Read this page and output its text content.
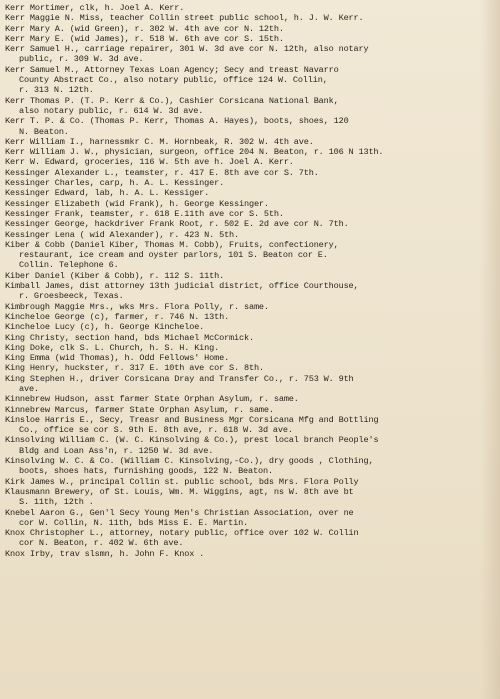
Kerr Mortimer, clk, h. Joel A. Kerr.
Kerr Maggie N. Miss, teacher Collin street public school, h. J. W. Kerr.
Kerr Mary A. (wid Green), r. 302 W. 4th ave cor N. 12th.
Kerr Mary E. (wid James), r. 518 W. 6th ave cor S. 15th.
Kerr Samuel H., carriage repairer, 301 W. 3d ave cor N. 12th, also notary
public, r. 309 W. 3d ave.
Kerr Samuel M., Attorney Texas Loan Agency; Secy and treast Navarro
County Abstract Co., also notary public, office 124 W. Collin,
r. 313 N. 12th.
Kerr Thomas P. (T. P. Kerr & Co.), Cashier Corsicana National Bank,
also notary public, r. 614 W. 3d ave.
Kerr T. P. & Co. (Thomas P. Kerr, Thomas A. Hayes), boots, shoes, 120
N. Beaton.
Kerr William I., harnessmkr C. M. Hornbeak, R. 302 W. 4th ave.
Kerr William J. W., physician, surgeon, office 204 N. Beaton, r. 106 N 13th.
Kerr W. Edward, groceries, 116 W. 5th ave h. Joel A. Kerr.
Kessinger Alexander L., teamster, r. 417 E. 8th ave cor S. 7th.
Kessinger Charles, carp, h. A. L. Kessinger.
Kessinger Edward, lab, h. A. L. Kessiger.
Kessinger Elizabeth (wid Frank), h. George Kessinger.
Kessinger Frank, teamster, r. 618 E.11th ave cor S. 5th.
Kessinger George, hackdriver Frank Root, r. 502 E. 2d ave cor N. 7th.
Kessinger Lena ( wid Alexander), r. 423 N. 5th.
Kiber & Cobb (Daniel Kiber, Thomas M. Cobb), Fruits, confectionery,
restaurant, ice cream and oyster parlors, 101 S. Beaton cor E.
Collin. Telephone 6.
Kiber Daniel (Kiber & Cobb), r. 112 S. 11th.
Kimball James, dist attorney 13th judicial district, office Courthouse,
r. Groesbeeck, Texas.
Kimbrough Maggie Mrs., wks Mrs. Flora Polly, r. same.
Kincheloe George (c), farmer, r. 746 N. 13th.
Kincheloe Lucy (c), h. George Kincheloe.
King Christy, section hand, bds Michael McCormick.
King Doke, clk S. L. Church, h. S. H. King.
King Emma (wid Thomas), h. Odd Fellows' Home.
King Henry, huckster, r. 317 E. 10th ave cor S. 8th.
King Stephen H., driver Corsicana Dray and Transfer Co., r. 753 W. 9th
ave.
Kinnebrew Hudson, asst farmer State Orphan Asylum, r. same.
Kinnebrew Marcus, farmer State Orphan Asylum, r. same.
Kinsloe Harris E., Secy, Treasr and Business Mgr Corsicana Mfg and Bottling
Co., office se cor S. 9th E. 8th ave, r. 618 W. 3d ave.
Kinsolving William C. (W. C. Kinsolving & Co.), prest local branch People's
Bldg and Loan Ass'n, r. 1250 W. 3d ave.
Kinsolving W. C. & Co. (William C. Kinsolving,-Co.), dry goods , Clothing,
boots, shoes hats, furnishing goods, 122 N. Beaton.
Kirk James W., principal Collin st. public school, bds Mrs. Flora Polly
Klausmann Brewery, of St. Louis, Wm. M. Wiggins, agt, ns W. 8th ave bt
S. 11th, 12th .
Knebel Aaron G., Gen'l Secy Young Men's Christian Association, over ne
cor W. Collin, N. 11th, bds Miss E. E. Martin.
Knox Christopher L., attorney, notary public, office over 102 W. Collin
cor N. Beaton, r. 402 W. 6th ave.
Knox Irby, trav slsmn, h. John F. Knox .
